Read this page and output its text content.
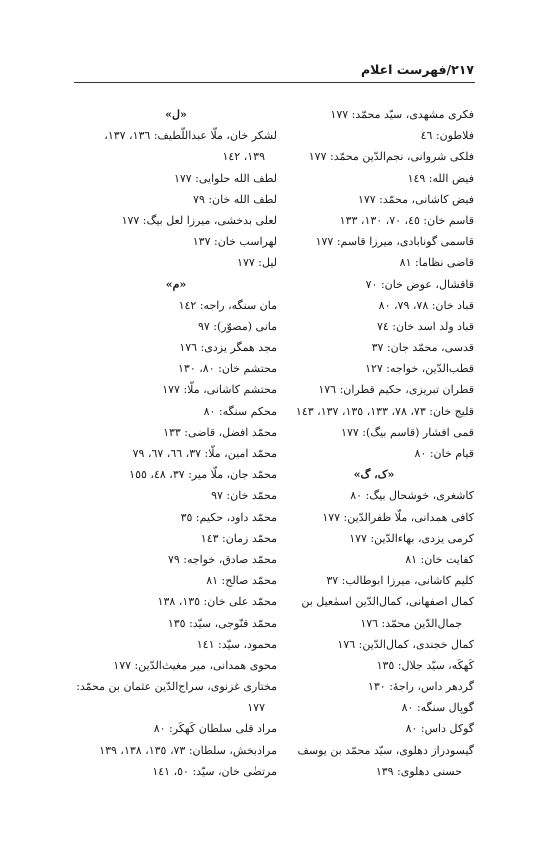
۲۱۷/فهرست اعلام
فکری مشهدی، سیّد محمّد: ۱۷۷
فلاطون: ٤٦
فلکی شروانی، نجم‌الدّین محمّد: ۱۷۷
فیض الله: ۱٤۹
فیض کاشانی، محمّد: ۱۷۷
قاسم خان: ٤٥، ۷۰، ۱۳۰، ۱۳۳
قاسمی گونابادی، میرزا قاسم: ۱۷۷
قاضی نظاما: ۸۱
قاقشال، عوض خان: ۷۰
قباد خان: ۷۸، ۷۹، ۸۰
قباد ولد اسد خان: ۷٤
قدسی، محمّد جان: ۳۷
قطب‌الدّین، خواجه: ۱۲۷
قطران تبریزی، حکیم قطران: ۱۷٦
قلیج خان: ۷۳، ۷۸، ۱۳۳، ۱۳٥، ۱۳۷، ۱٤۳
قمی افشار (قاسم بیگ): ۱۷۷
قیام خان: ۸۰
«ک، گ»
کاشغری، خوشحال بیگ: ۸۰
کافی همدانی، ملّا ظفرالدّین: ۱۷۷
کرمی یزدی، بهاءالدّین: ۱۷۷
کفایت خان: ۸۱
کلیم کاشانی، میرزا ابوطالب: ۳۷
کمال اصفهانی، کمال‌الدّین اسمٰعیل بن
جمال‌الدّین محمّد: ۱۷٦
کمال خجندی، کمال‌الدّین: ۱۷٦
کَهکَه، سیّد جلال: ۱۳٥
گردهر داس، راجهٔ: ۱۳۰
گوپال سنگه: ۸۰
گوکل داس: ۸۰
گیسودراز دهلوی، سیّد محمّد بن یوسف
حسنی دهلوی: ۱۳۹
«ل»
لشکر خان، ملّا عبداللّطیف: ۱۳٦، ۱۳۷،
۱۳۹، ۱٤۲
لطف الله حلوایی: ۱۷۷
لطف الله خان: ۷۹
لعلی بدخشی، میرزا لعل بیگ: ۱۷۷
لهراسب خان: ۱۳۷
لیل: ۱۷۷
«م»
مان سنگه، راجه: ۱٤۲
مانی (مصوّر): ۹۷
مجد همگر یزدی: ۱۷٦
محتشم خان: ۸۰، ۱۳۰
محتشم کاشانی، ملّا: ۱۷۷
محکم سنگه: ۸۰
محمّد افضل، قاضی: ۱۳۳
محمّد امین، ملّا: ۳۷، ٦٦، ٦۷، ۷۹
محمّد جان، ملّا میر: ۳۷، ٤۸، ۱٥٥
محمّد خان: ۹۷
محمّد داود، حکیم: ۳٥
محمّد زمان: ۱٤۳
محمّد صادق، خواجه: ۷۹
محمّد صالح: ۸۱
محمّد علی خان: ۱۳٥، ۱۳۸
محمّد قنّوجی، سیّد: ۱۳٥
محمود، سیّد: ۱٤۱
محوی همدانی، میر مغیث‌الدّین: ۱۷۷
مختاری غزنوی، سراج‌الدّین عثمان بن محمّد:
۱۷۷
مراد قلی سلطان کَهکَر: ۸۰
مرادبخش، سلطان: ۷۳، ۱۳٥، ۱۳۸، ۱۳۹
مرتضٰی خان، سیّد: ٥۰، ۱٤۱
